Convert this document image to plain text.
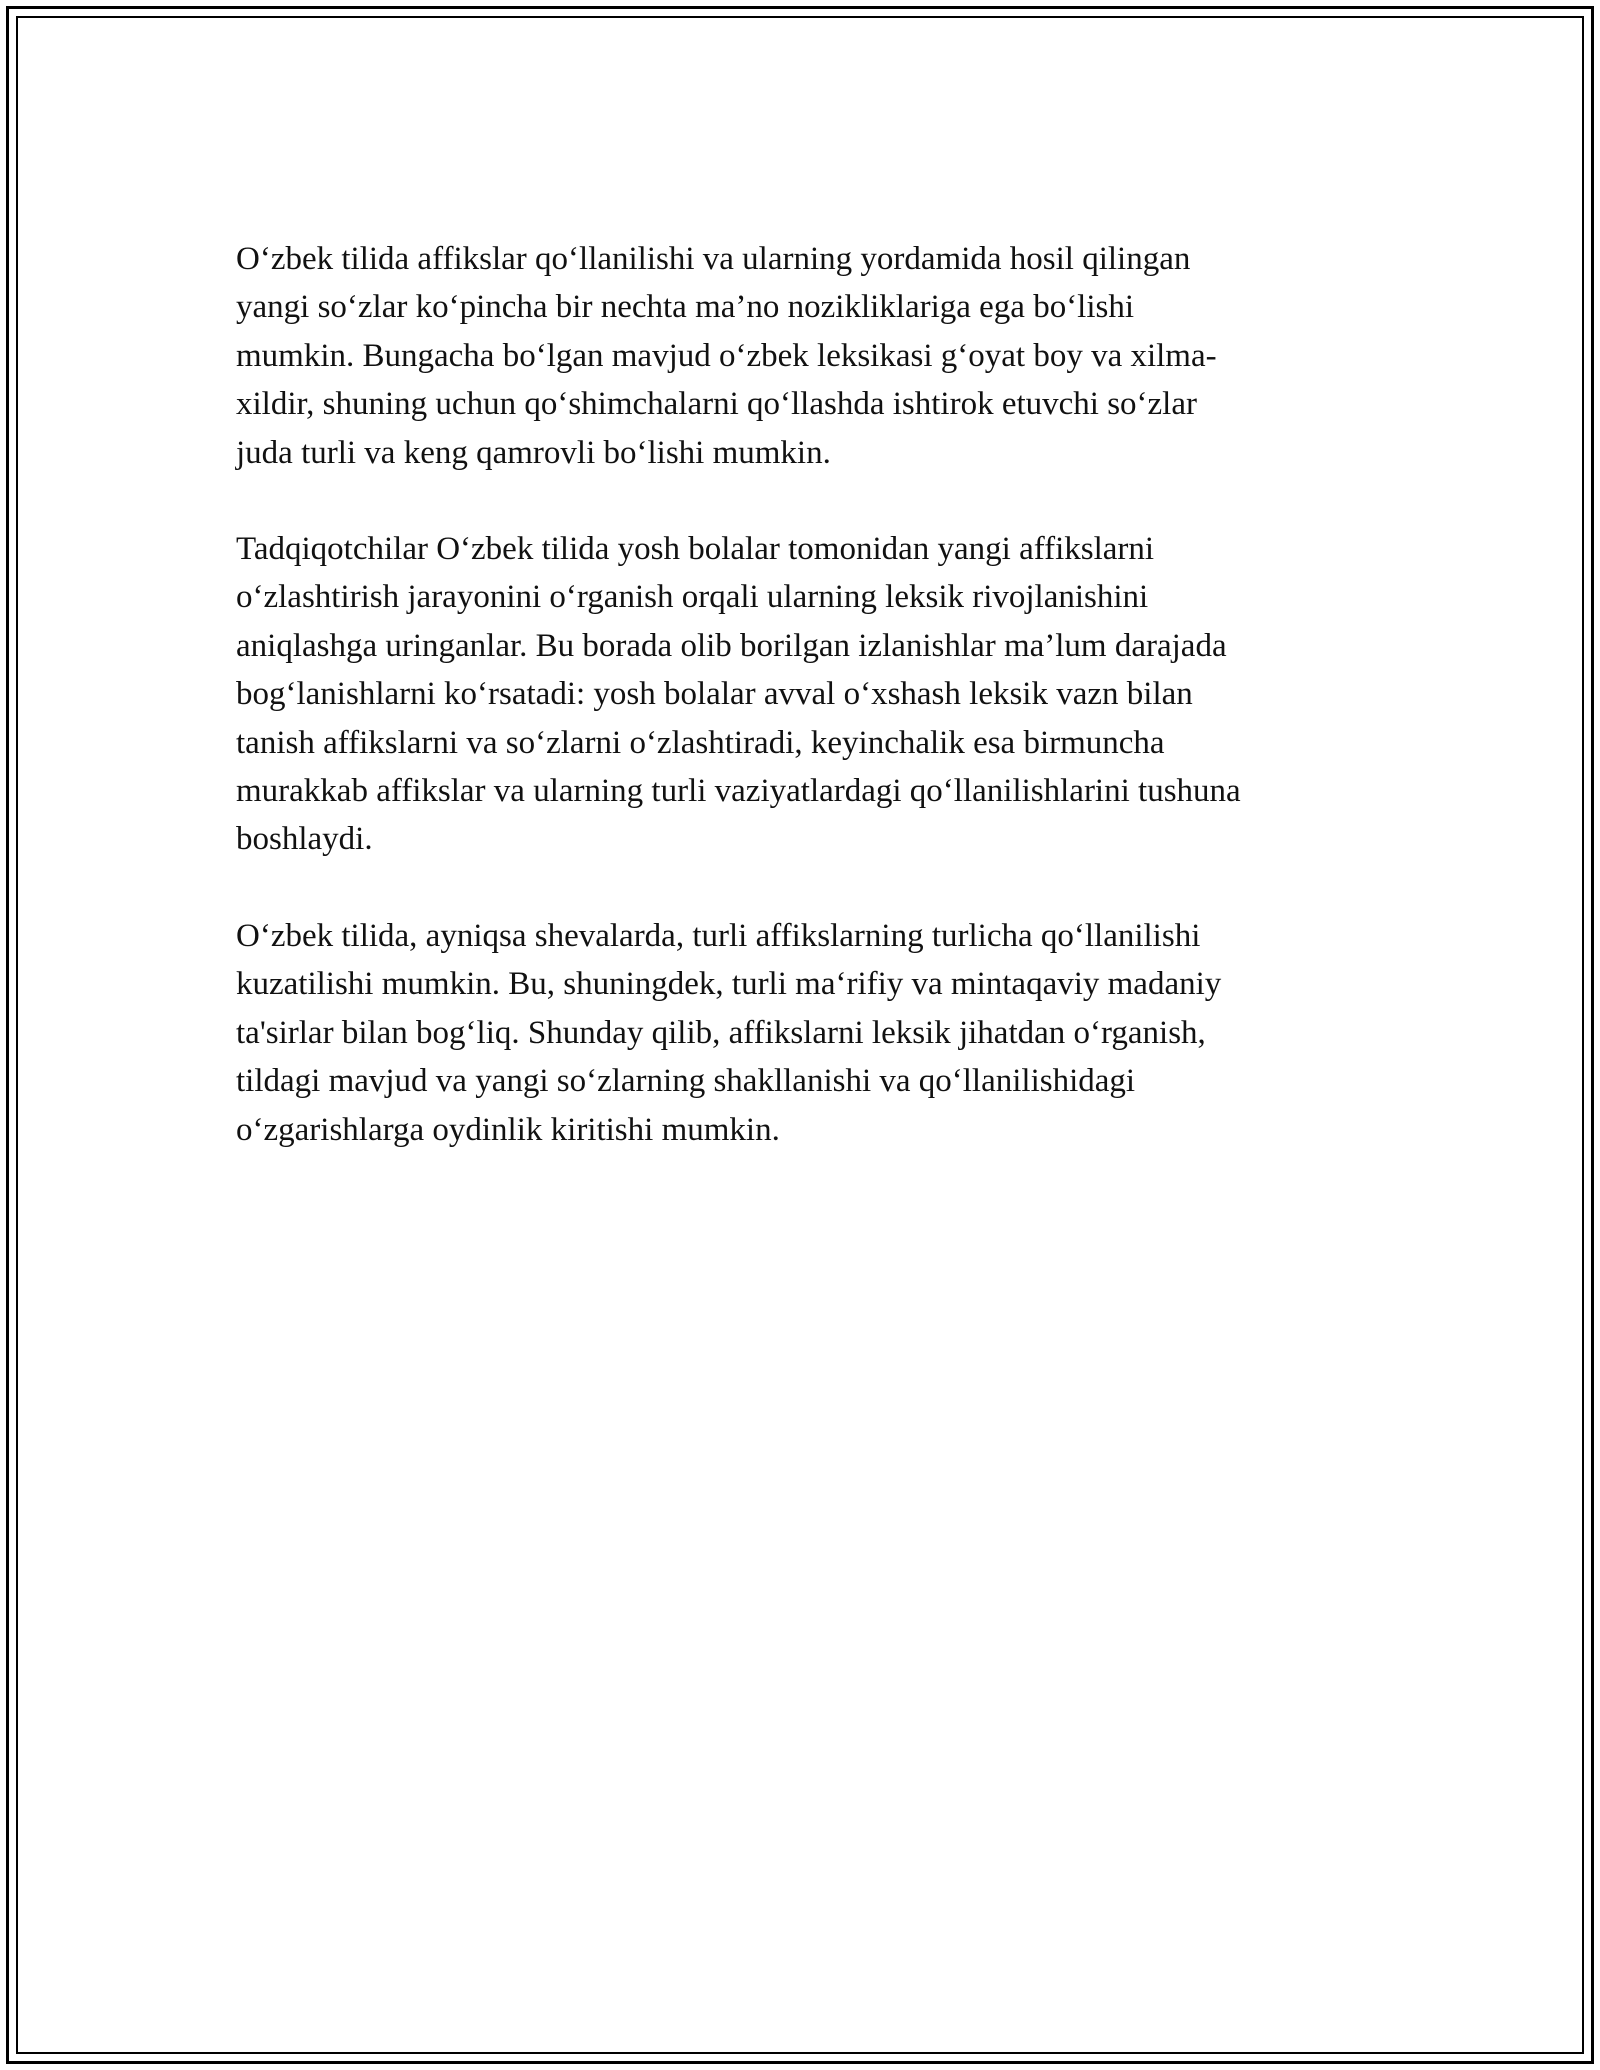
O‘zbek tilida affikslar qo‘llanilishi va ularning yordamida hosil qilingan
yangi so‘zlar ko‘pincha bir nechta ma’no nozikliklariga ega bo‘lishi
mumkin. Bungacha bo‘lgan mavjud o‘zbek leksikasi g‘oyat boy va xilma-
xildir, shuning uchun qo‘shimchalarni qo‘llashda ishtirok etuvchi so‘zlar
juda turli va keng qamrovli bo‘lishi mumkin.

Tadqiqotchilar O‘zbek tilida yosh bolalar tomonidan yangi affikslarni
o‘zlashtirish jarayonini o‘rganish orqali ularning leksik rivojlanishini
aniqlashga uringanlar. Bu borada olib borilgan izlanishlar ma’lum darajada
bog‘lanishlarni ko‘rsatadi: yosh bolalar avval o‘xshash leksik vazn bilan
tanish affikslarni va so‘zlarni o‘zlashtiradi, keyinchalik esa birmuncha
murakkab affikslar va ularning turli vaziyatlardagi qo‘llanilishlarini tushuna
boshlaydi.

O‘zbek tilida, ayniqsa shevalarda, turli affikslarning turlicha qo‘llanilishi
kuzatilishi mumkin. Bu, shuningdek, turli ma‘rifiy va mintaqaviy madaniy
ta'sirlar bilan bog‘liq. Shunday qilib, affikslarni leksik jihatdan o‘rganish,
tildagi mavjud va yangi so‘zlarning shakllanishi va qo‘llanilishidagi
o‘zgarishlarga oydinlik kiritishi mumkin.
